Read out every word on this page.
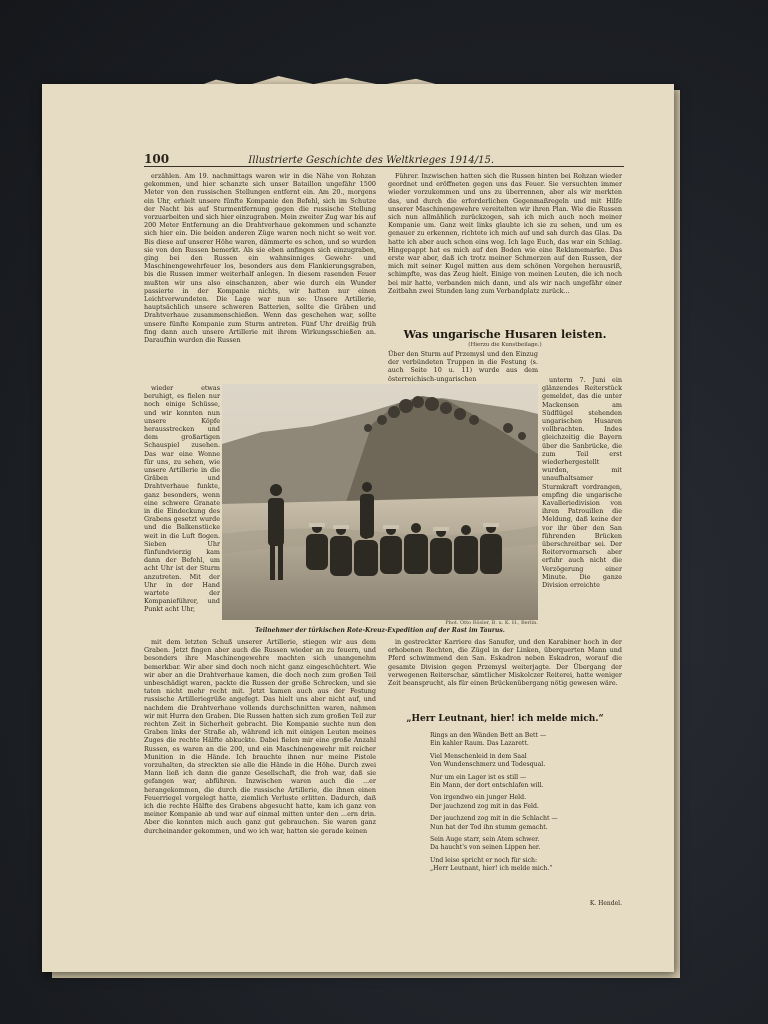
100	Illustrierte Geschichte des Weltkrieges 1914/15.

erzählen. Am 19. nachmittags waren wir in die Nähe von Rohzan gekommen, und hier schanzte sich unser Bataillon ungefähr 1500 Meter von den russischen Stellungen entfernt ein. Am 20., morgens ein Uhr, erhielt unsere fünfte Kompanie den Befehl, sich im Schutze der Nacht bis auf Sturmentfernung gegen die russische Stellung vorzuarbeiten und sich hier einzugraben. Mein zweiter Zug war bis auf 200 Meter Entfernung an die Drahtverhaue gekommen und schanzte sich hier ein. Die beiden anderen Züge waren noch nicht so weit vor. Bis diese auf unserer Höhe waren, dämmerte es schon, und so wurden sie von den Russen bemerkt. Als sie eben anfingen sich einzugraben, ging bei den Russen ein wahnsinniges Gewehr- und Maschinengewehrfeuer los, besonders aus dem Flankierungsgraben, bis die Russen immer weiterhalf anlegen. In diesem rasenden Feuer mußten wir uns also einschanzen, aber wie durch ein Wunder passierte in der Kompanie nichts, wir hatten nur einen Leichtverwundeten. Die Lage war nun so: Unsere Artillerie, hauptsächlich unsere schweren Batterien, sollte die Gräben und Drahtverhaue zusammenschießen. Wenn das geschehen war, sollte unsere fünfte Kompanie zum Sturm antreten. Fünf Uhr dreißig früh fing dann auch unsere Artillerie mit ihrem Wirkungsschießen an. Daraufhin wurden die Russen

Führer. Inzwischen hatten sich die Russen hinten bei Rohzan wieder geordnet und eröffneten gegen uns das Feuer. Sie versuchten immer wieder vorzukommen und uns zu überrennen, aber als wir merkten das, und durch die erforderlichen Gegenmaßregeln und mit Hilfe unserer Maschinengewehre vereitelten wir ihren Plan. Wie die Russen sich nun allmählich zurückzogen, sah ich mich auch noch meiner Kompanie um. Ganz weit links glaubte ich sie zu sehen, und um es genauer zu erkennen, richtete ich mich auf und sah durch das Glas. Da hatte ich aber auch schon eins weg. Ich lage Euch, das war ein Schlag. Hingepappt hat es mich auf den Boden wie eine Reklamemarke. Das erste war aber, daß ich trotz meiner Schmerzen auf den Russen, der mich mit seiner Kugel mitten aus dem schönen Vorgehen herausriß, schimpfte, was das Zeug hielt. Einige von meinen Leuten, die ich noch bei mir hatte, verbanden mich dann, und als wir nach ungefähr einer Zeitbahn zwei Stunden lang zum Verbandplatz zurück...

Was ungarische Husaren leisten.
(Hierzu die Kunstbeilage.)
Über den Sturm auf Przemysl und den Einzug der verbündeten Truppen in die Festung (s. auch Seite 10 u. 11) wurde aus dem österreichisch-ungarischen

wieder etwas beruhigt, es fielen nur noch einige Schüsse, und wir konnten nun unsere Köpfe herausstrecken und dem großartigen Schauspiel zusehen. Das war eine Wonne für uns, zu sehen, wie unsere Artillerie in die Gräben und Drahtverhaue funkte, ganz besonders, wenn eine schwere Granate in die Eindeckung des Grabens gesetzt wurde und die Balkenstücke weit in die Luft flogen. Sieben Uhr fünfundvierzig kam dann der Befehl, um acht Uhr ist der Sturm anzutreten. Mit der Uhr in der Hand wartete der Kompanieführer, und Punkt acht Uhr,

unterm 7. Juni ein glänzendes Reiterstück gemeldet, das die unter Mackensen am Südflügel stehenden ungarischen Husaren vollbrachten. Indes gleichzeitig die Bayern über die Sanbrücke, die zum Teil erst wiederhergestellt wurden, mit unaufhaltsamer Sturmkraft vordrangen, empfing die ungarische Kavalleriedivision von ihren Patrouillen die Meldung, daß keine der vor ihr über den San führenden Brücken überschreitbar sei. Der Reitervormarsch aber erfuhr auch nicht die Verzögerung einer Minute. Die ganze Division erreichte

Phot. Otto Rösler, B. u. K. H., Berlin.
Teilnehmer der türkischen Rote-Kreuz-Expedition auf der Rast im Taurus.

mit dem letzten Schuß unserer Artillerie, stiegen wir aus dem Graben. Jetzt fingen aber auch die Russen wieder an zu feuern, und besonders ihre Maschinengewehre machten sich unangenehm bemerkbar. Wir aber sind doch noch nicht ganz eingeschüchtert. Wie wir aber an die Drahtverhaue kamen, die doch noch zum großen Teil unbeschädigt waren, packte die Russen der große Schrecken, und sie taten nicht mehr recht mit. Jetzt kamen auch aus der Festung russische Artilleriegrüße angefegt. Das hielt uns aber nicht auf, und nachdem die Drahtverhaue vollends durchschnitten waren, nahmen wir mit Hurra den Graben. Die Russen hatten sich zum großen Teil zur rechten Zeit in Sicherheit gebracht. Die Kompanie suchte nun den Graben links der Straße ab, während ich mit einigen Leuten meines Zuges die rechte Hälfte abkuckte. Dabei fielen mir eine große Anzahl Russen, es waren an die 200, und ein Maschinengewehr mit reicher Munition in die Hände. Ich brauchte ihnen nur meine Pistole vorzuhalten, da streckten sie alle die Hände in die Höhe. Durch zwei Mann ließ ich dann die ganze Gesellschaft, die froh war, daß sie gefangen war, abführen. Inzwischen waren auch die ...er herangekommen, die durch die russische Artillerie, die ihnen einen Feuerriegel vorgelegt hatte, ziemlich Verluste erlitten. Dadurch, daß ich die rechte Hälfte des Grabens abgesucht hatte, kam ich ganz von meiner Kompanie ab und war auf einmal mitten unter den ...ern drin. Aber die konnten mich auch ganz gut gebrauchen. Sie waren ganz durcheinander gekommen, und wo ich war, hatten sie gerade keinen

in gestreckter Karriere das Sanufer, und den Karabiner hoch in der erhobenen Rechten, die Zügel in der Linken, überquerten Mann und Pferd schwimmend den San. Eskadron neben Eskadron, worauf die gesamte Division gegen Przemysl weiterjagte. Der Übergang der verwegenen Reiterschar, sämtlicher Miskolczer Reiterei, hatte weniger Zeit beansprucht, als für einen Brückenübergang nötig gewesen wäre.

„Herr Leutnant, hier! ich melde mich.“
Rings an den Wänden Bett an Bett —
Ein kahler Raum. Das Lazarett.
Viel Menschenleid in dem Saal
Von Wundenschmerz und Todesqual.
Nur um ein Lager ist es still —
Ein Mann, der dort entschlafen will.
Von irgendwo ein junger Held.
Der jauchzend zog mit in das Feld.
Der jauchzend zog mit in die Schlacht —
Nun hat der Tod ihn stumm gemacht.
Sein Auge starr, sein Atem schwer.
Da haucht's von seinen Lippen her.
Und leise spricht er noch für sich:
„Herr Leutnant, hier! ich melde mich.“
K. Hendel.
